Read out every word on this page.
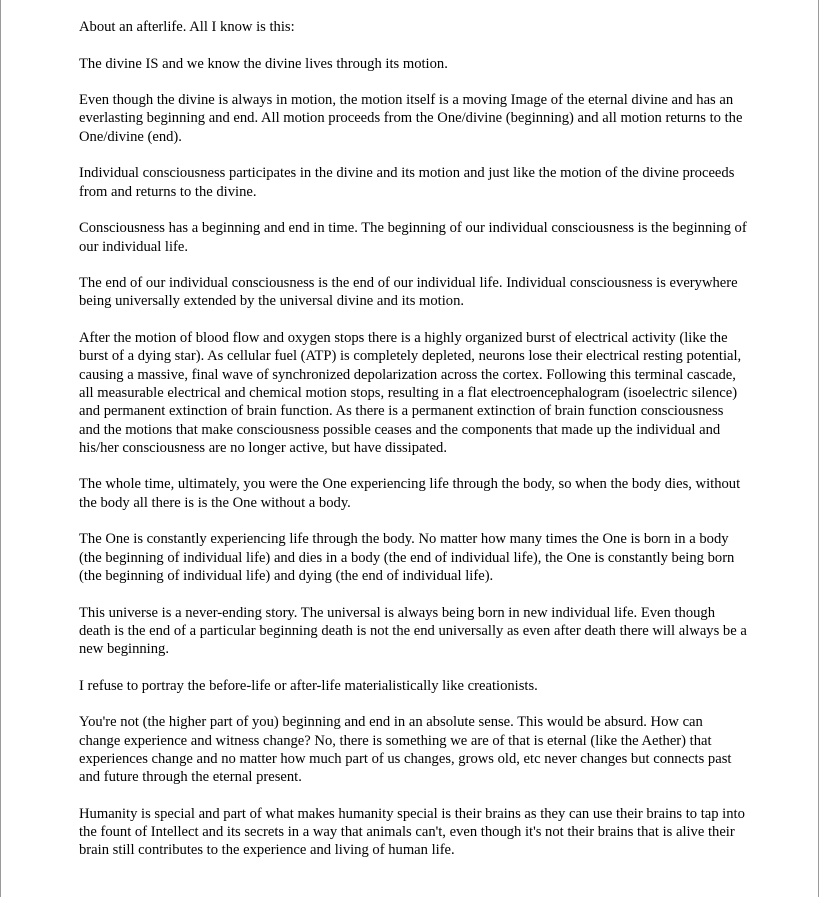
About an afterlife. All I know is this:

The divine IS and we know the divine lives through its motion.

Even though the divine is always in motion, the motion itself is a moving Image of the eternal divine and has an everlasting beginning and end. All motion proceeds from the One/divine (beginning) and all motion returns to the One/divine (end).

Individual consciousness participates in the divine and its motion and just like the motion of the divine proceeds from and returns to the divine.

Consciousness has a beginning and end in time. The beginning of our individual consciousness is the beginning of our individual life.

The end of our individual consciousness is the end of our individual life. Individual consciousness is everywhere being universally extended by the universal divine and its motion.

After the motion of blood flow and oxygen stops there is a highly organized burst of electrical activity (like the burst of a dying star). As cellular fuel (ATP) is completely depleted, neurons lose their electrical resting potential, causing a massive, final wave of synchronized depolarization across the cortex. Following this terminal cascade, all measurable electrical and chemical motion stops, resulting in a flat electroencephalogram (isoelectric silence) and permanent extinction of brain function. As there is a permanent extinction of brain function consciousness and the motions that make consciousness possible ceases and the components that made up the individual and his/her consciousness are no longer active, but have dissipated.

The whole time, ultimately, you were the One experiencing life through the body, so when the body dies, without the body all there is is the One without a body.

The One is constantly experiencing life through the body. No matter how many times the One is born in a body (the beginning of individual life) and dies in a body (the end of individual life), the One is constantly being born (the beginning of individual life) and dying (the end of individual life).

This universe is a never-ending story. The universal is always being born in new individual life. Even though death is the end of a particular beginning death is not the end universally as even after death there will always be a new beginning.

I refuse to portray the before-life or after-life materialistically like creationists.

You're not (the higher part of you) beginning and end in an absolute sense. This would be absurd. How can change experience and witness change? No, there is something we are of that is eternal (like the Aether) that experiences change and no matter how much part of us changes, grows old, etc never changes but connects past and future through the eternal present.

Humanity is special and part of what makes humanity special is their brains as they can use their brains to tap into the fount of Intellect and its secrets in a way that animals can't, even though it's not their brains that is alive their brain still contributes to the experience and living of human life.
